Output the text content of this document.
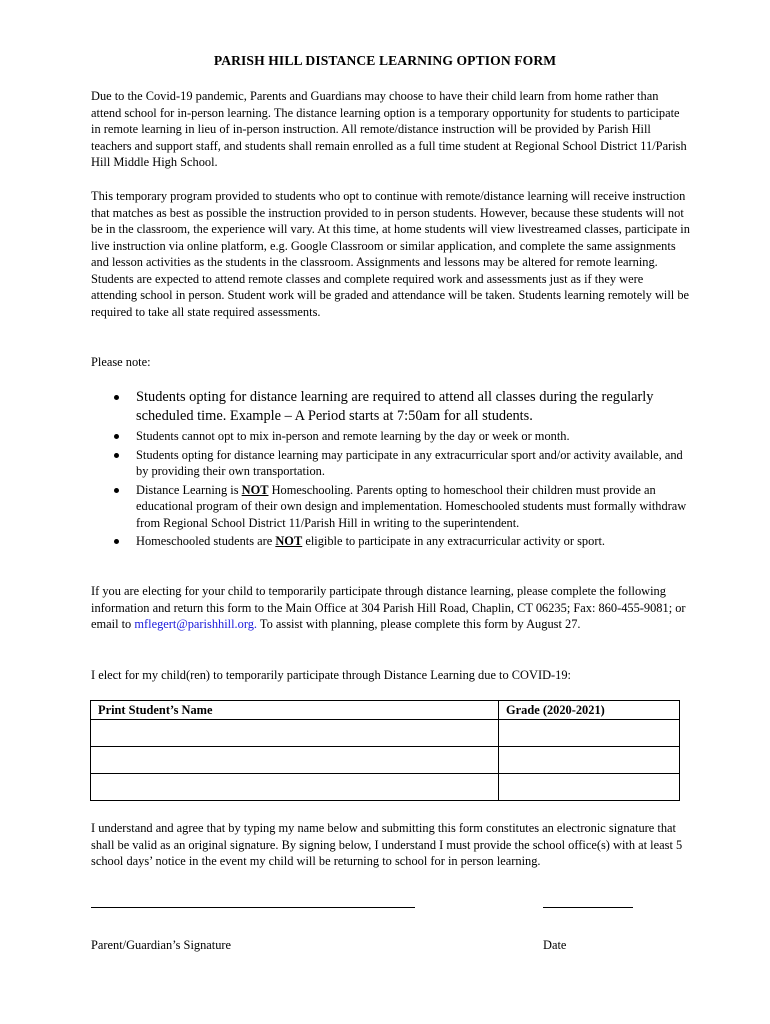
PARISH HILL DISTANCE LEARNING OPTION FORM

Due to the Covid-19 pandemic, Parents and Guardians may choose to have their child learn from home rather than attend school for in-person learning. The distance learning option is a temporary opportunity for students to participate in remote learning in lieu of in-person instruction. All remote/distance instruction will be provided by Parish Hill teachers and support staff, and students shall remain enrolled as a full time student at Regional School District 11/Parish Hill Middle High School.

This temporary program provided to students who opt to continue with remote/distance learning will receive instruction that matches as best as possible the instruction provided to in person students. However, because these students will not be in the classroom, the experience will vary. At this time, at home students will view livestreamed classes, participate in live instruction via online platform, e.g. Google Classroom or similar application, and complete the same assignments and lesson activities as the students in the classroom. Assignments and lessons may be altered for remote learning. Students are expected to attend remote classes and complete required work and assessments just as if they were attending school in person. Student work will be graded and attendance will be taken. Students learning remotely will be required to take all state required assessments.

Please note:

Students opting for distance learning are required to attend all classes during the regularly scheduled time. Example – A Period starts at 7:50am for all students.
Students cannot opt to mix in-person and remote learning by the day or week or month.
Students opting for distance learning may participate in any extracurricular sport and/or activity available, and by providing their own transportation.
Distance Learning is NOT Homeschooling. Parents opting to homeschool their children must provide an educational program of their own design and implementation. Homeschooled students must formally withdraw from Regional School District 11/Parish Hill in writing to the superintendent.
Homeschooled students are NOT eligible to participate in any extracurricular activity or sport.

If you are electing for your child to temporarily participate through distance learning, please complete the following information and return this form to the Main Office at 304 Parish Hill Road, Chaplin, CT 06235; Fax: 860-455-9081; or email to mflegert@parishhill.org. To assist with planning, please complete this form by August 27.

I elect for my child(ren) to temporarily participate through Distance Learning due to COVID-19:

Print Student’s Name	Grade (2020-2021)

I understand and agree that by typing my name below and submitting this form constitutes an electronic signature that shall be valid as an original signature. By signing below, I understand I must provide the school office(s) with at least 5 school days’ notice in the event my child will be returning to school for in person learning.

Parent/Guardian’s Signature	Date
